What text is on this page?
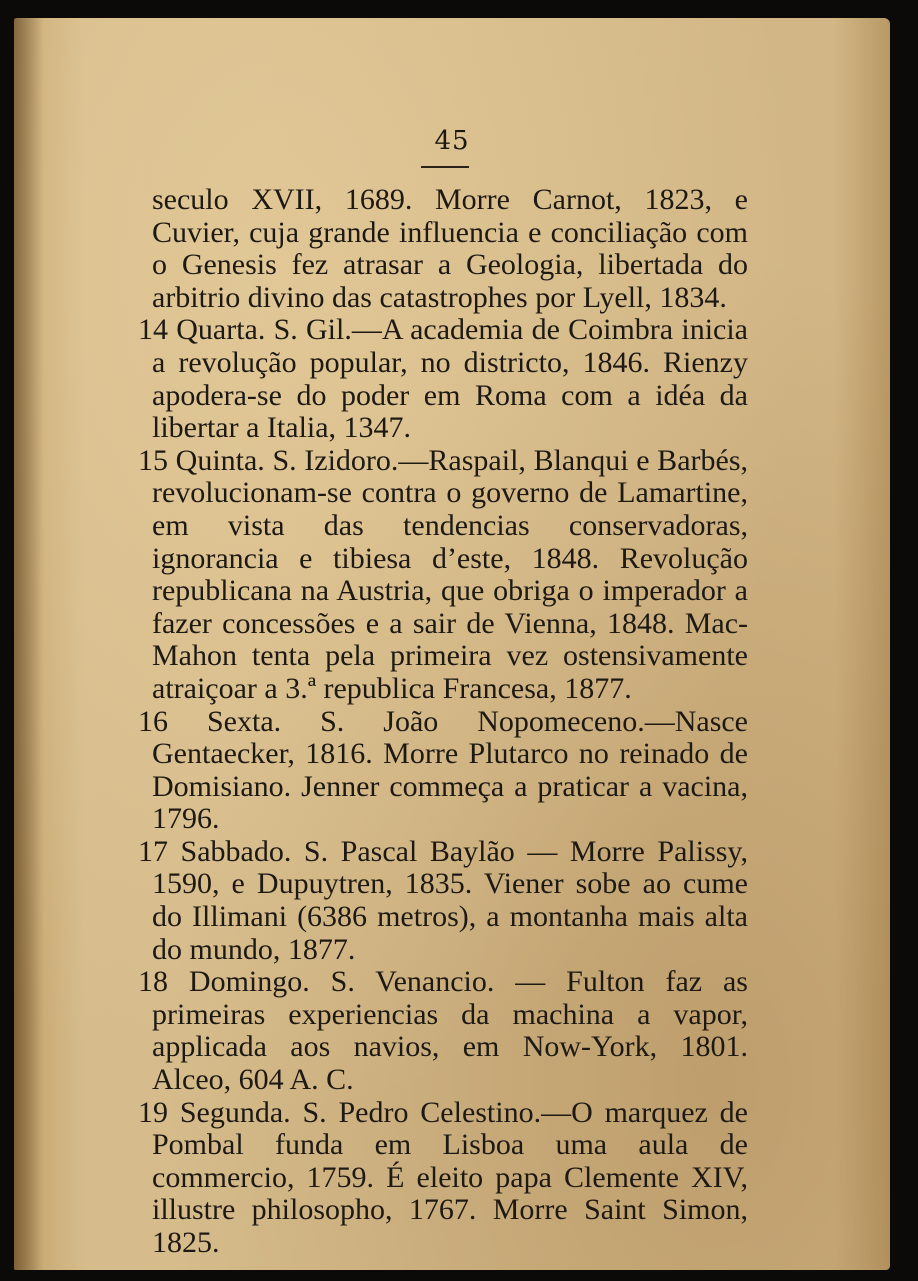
45

seculo XVII, 1689. Morre Carnot, 1823, e Cuvier, cuja grande influencia e conciliação com o Genesis fez atrasar a Geologia, libertada do arbitrio divino das catastrophes por Lyell, 1834.

14 Quarta. S. Gil.—A academia de Coimbra inicia a revolução popular, no districto, 1846. Rienzy apodera-se do poder em Roma com a idéa da libertar a Italia, 1347.

15 Quinta. S. Izidoro.—Raspail, Blanqui e Barbés, revolucionam-se contra o governo de Lamartine, em vista das tendencias conservadoras, ignorancia e tibiesa d’este, 1848. Revolução republicana na Austria, que obriga o imperador a fazer concessões e a sair de Vienna, 1848. Mac-Mahon tenta pela primeira vez ostensivamente atraiçoar a 3.ª republica Francesa, 1877.

16 Sexta. S. João Nopomeceno.—Nasce Gentaecker, 1816. Morre Plutarco no reinado de Domisiano. Jenner commeça a praticar a vacina, 1796.

17 Sabbado. S. Pascal Baylão — Morre Palissy, 1590, e Dupuytren, 1835. Viener sobe ao cume do Illimani (6386 metros), a montanha mais alta do mundo, 1877.

18 Domingo. S. Venancio. — Fulton faz as primeiras experiencias da machina a vapor, applicada aos navios, em Now-York, 1801. Alceo, 604 A. C.

19 Segunda. S. Pedro Celestino.—O marquez de Pombal funda em Lisboa uma aula de commercio, 1759. É eleito papa Clemente XIV, illustre philosopho, 1767. Morre Saint Simon, 1825.
